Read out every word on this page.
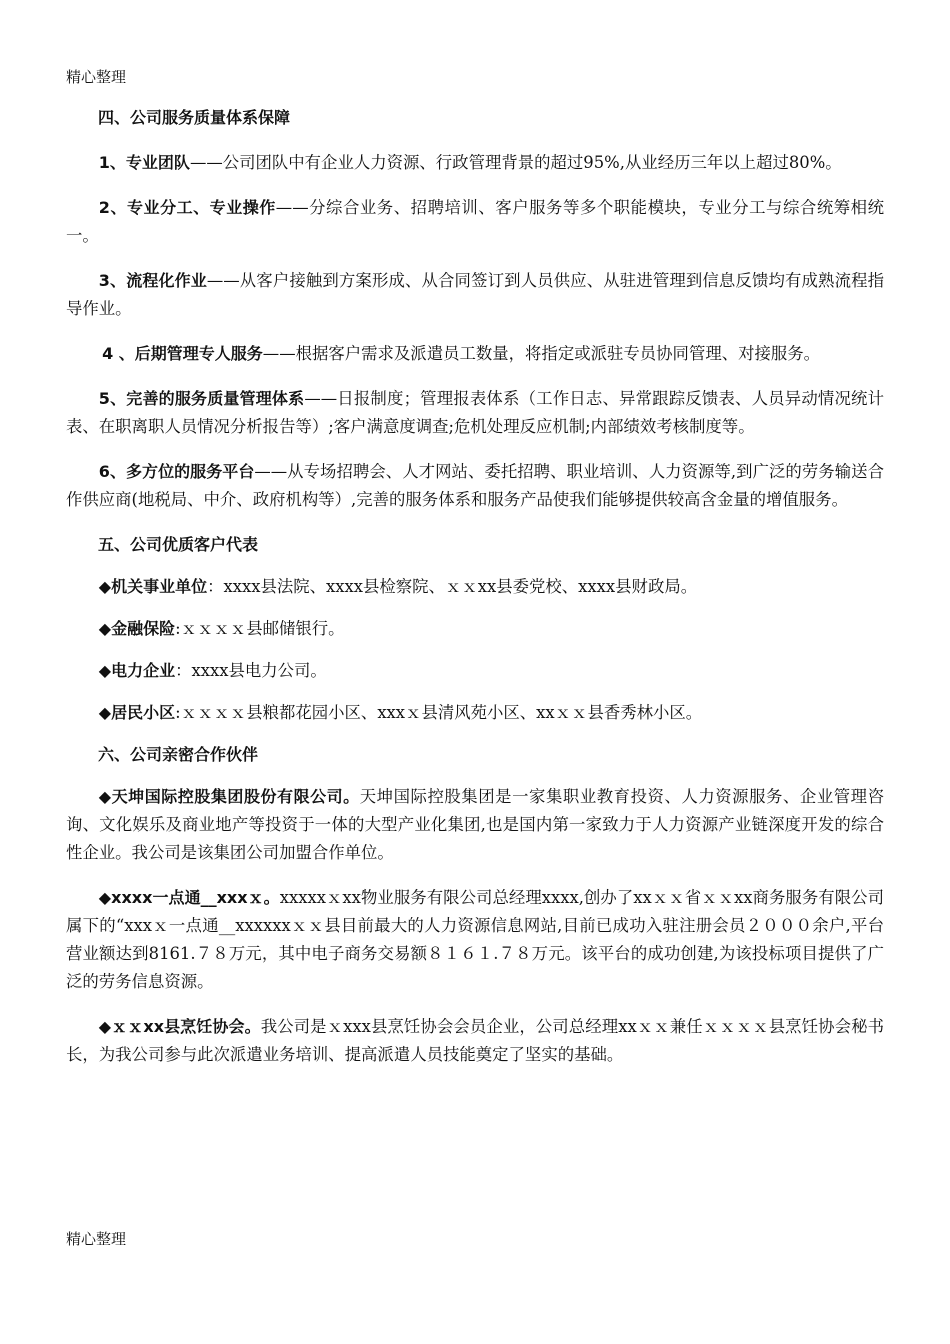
精心整理

四、公司服务质量体系保障

1、专业团队——公司团队中有企业人力资源、行政管理背景的超过95%,从业经历三年以上超过80%。

2、专业分工、专业操作——分综合业务、招聘培训、客户服务等多个职能模块，专业分工与综合统筹相统一。

3、流程化作业——从客户接触到方案形成、从合同签订到人员供应、从驻进管理到信息反馈均有成熟流程指导作业。

4 、后期管理专人服务——根据客户需求及派遣员工数量，将指定或派驻专员协同管理、对接服务。

5、完善的服务质量管理体系——日报制度；管理报表体系（工作日志、异常跟踪反馈表、人员异动情况统计表、在职离职人员情况分析报告等）;客户满意度调查;危机处理反应机制;内部绩效考核制度等。

6、多方位的服务平台——从专场招聘会、人才网站、委托招聘、职业培训、人力资源等,到广泛的劳务输送合作供应商(地税局、中介、政府机构等）,完善的服务体系和服务产品使我们能够提供较高含金量的增值服务。

五、公司优质客户代表

◆机关事业单位：xxxx县法院、xxxx县检察院、ｘｘxx县委党校、xxxx县财政局。

◆金融保险:ｘｘｘｘ县邮储银行。

◆电力企业：xxxx县电力公司。

◆居民小区:ｘｘｘｘ县粮都花园小区、xxxｘ县清风苑小区、xxｘｘ县香秀林小区。

六、公司亲密合作伙伴

◆天坤国际控股集团股份有限公司。天坤国际控股集团是一家集职业教育投资、人力资源服务、企业管理咨询、文化娱乐及商业地产等投资于一体的大型产业化集团,也是国内第一家致力于人力资源产业链深度开发的综合性企业。我公司是该集团公司加盟合作单位。

◆xxxx一点通__xxxｘ。xxxxxｘxx物业服务有限公司总经理xxxx,创办了xxｘｘ省ｘｘxx商务服务有限公司属下的“xxxｘ一点通__xxxxxxｘｘ县目前最大的人力资源信息网站,目前已成功入驻注册会员２０００余户,平台营业额达到8161.７８万元，其中电子商务交易额８１６１.７８万元。该平台的成功创建,为该投标项目提供了广泛的劳务信息资源。

◆ｘｘxx县烹饪协会。我公司是ｘxxx县烹饪协会会员企业，公司总经理xxｘｘ兼任ｘｘｘｘ县烹饪协会秘书长，为我公司参与此次派遣业务培训、提高派遣人员技能奠定了坚实的基础。

精心整理
